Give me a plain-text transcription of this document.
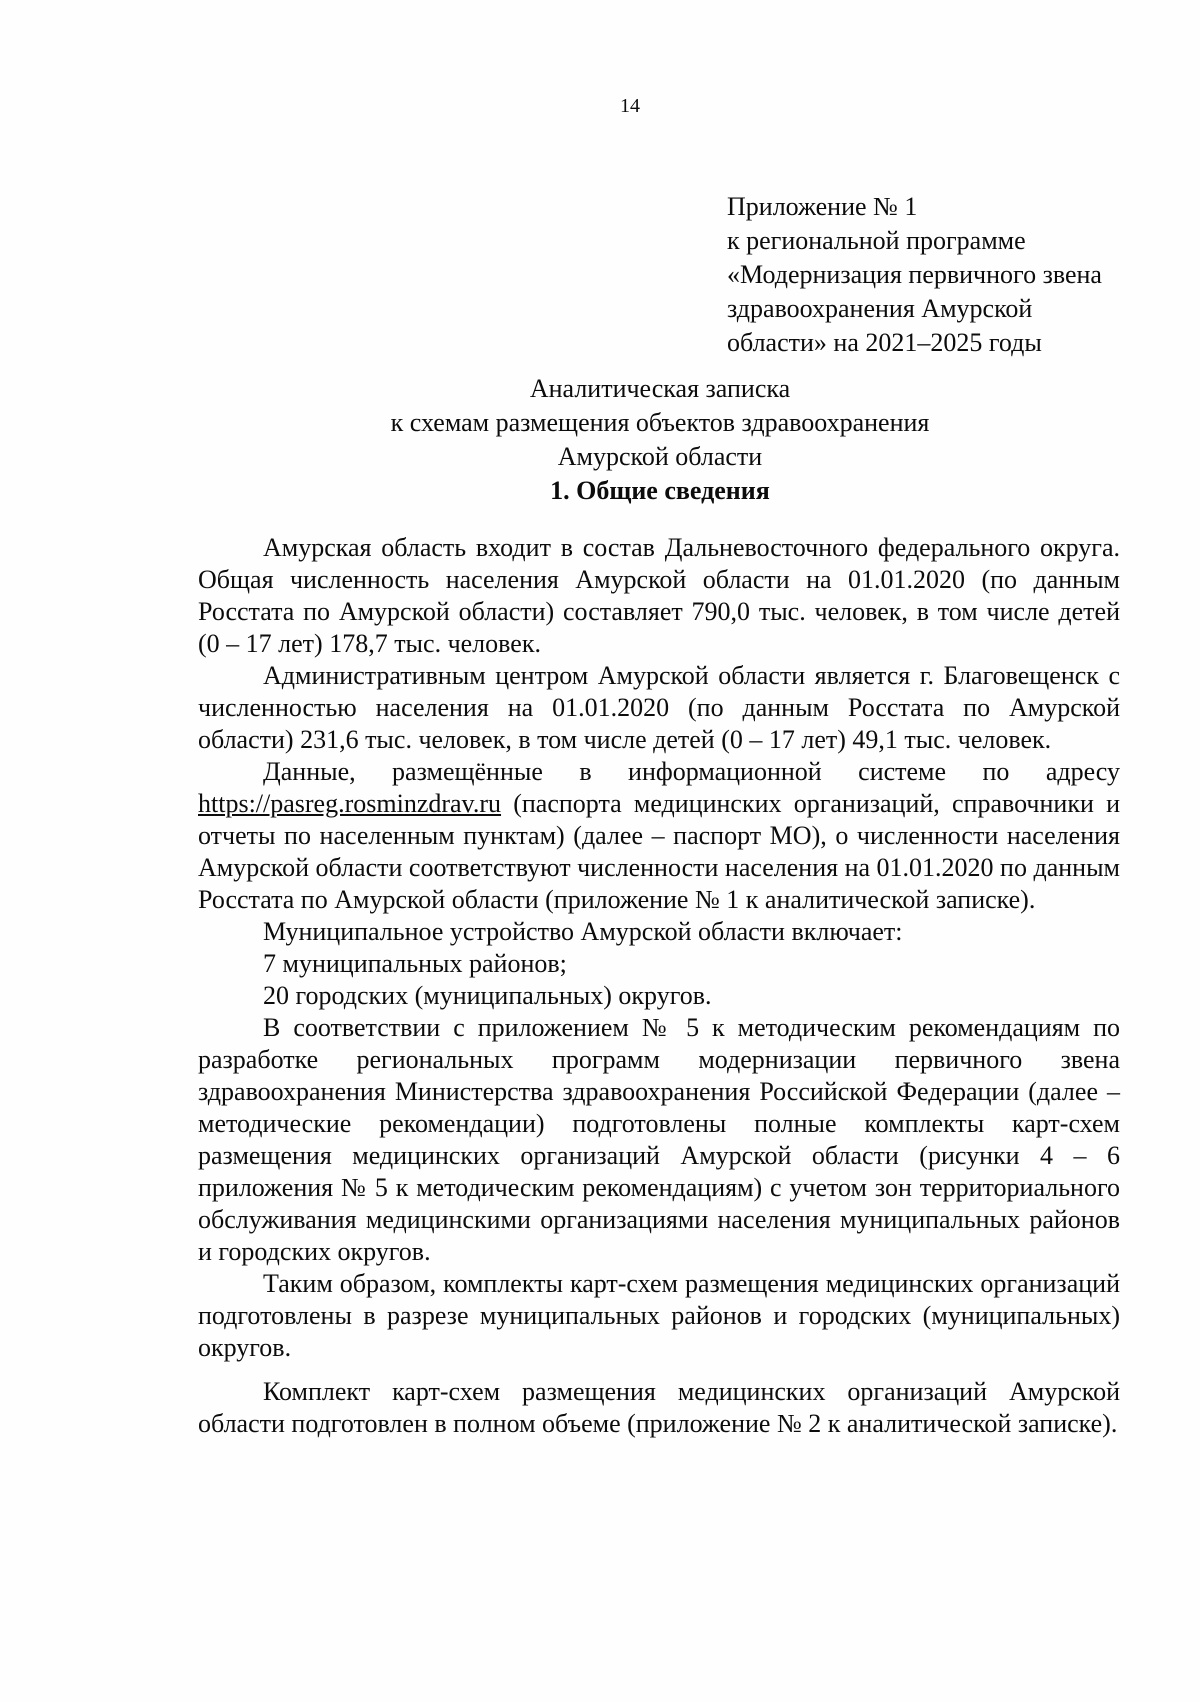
14
Приложение № 1
к региональной программе
«Модернизация первичного звена
здравоохранения Амурской
области» на 2021–2025 годы
Аналитическая записка
к схемам размещения объектов здравоохранения
Амурской области
1. Общие сведения

Амурская область входит в состав Дальневосточного федерального округа. Общая численность населения Амурской области на 01.01.2020 (по данным Росстата по Амурской области) составляет 790,0 тыс. человек, в том числе детей (0 – 17 лет) 178,7 тыс. человек.

Административным центром Амурской области является г. Благовещенск с численностью населения на 01.01.2020 (по данным Росстата по Амурской области) 231,6 тыс. человек, в том числе детей (0 – 17 лет) 49,1 тыс. человек.

Данные, размещённые в информационной системе по адресу https://pasreg.rosminzdrav.ru (паспорта медицинских организаций, справочники и отчеты по населенным пунктам) (далее – паспорт МО), о численности населения Амурской области соответствуют численности населения на 01.01.2020 по данным Росстата по Амурской области (приложение № 1 к аналитической записке).

Муниципальное устройство Амурской области включает:

7 муниципальных районов;

20 городских (муниципальных) округов.

В соответствии с приложением № 5 к методическим рекомендациям по разработке региональных программ модернизации первичного звена здравоохранения Министерства здравоохранения Российской Федерации (далее – методические рекомендации) подготовлены полные комплекты карт-схем размещения медицинских организаций Амурской области (рисунки 4 – 6 приложения № 5 к методическим рекомендациям) с учетом зон территориального обслуживания медицинскими организациями населения муниципальных районов и городских округов.

Таким образом, комплекты карт-схем размещения медицинских организаций подготовлены в разрезе муниципальных районов и городских (муниципальных) округов.

Комплект карт-схем размещения медицинских организаций Амурской области подготовлен в полном объеме (приложение № 2 к аналитической записке).
